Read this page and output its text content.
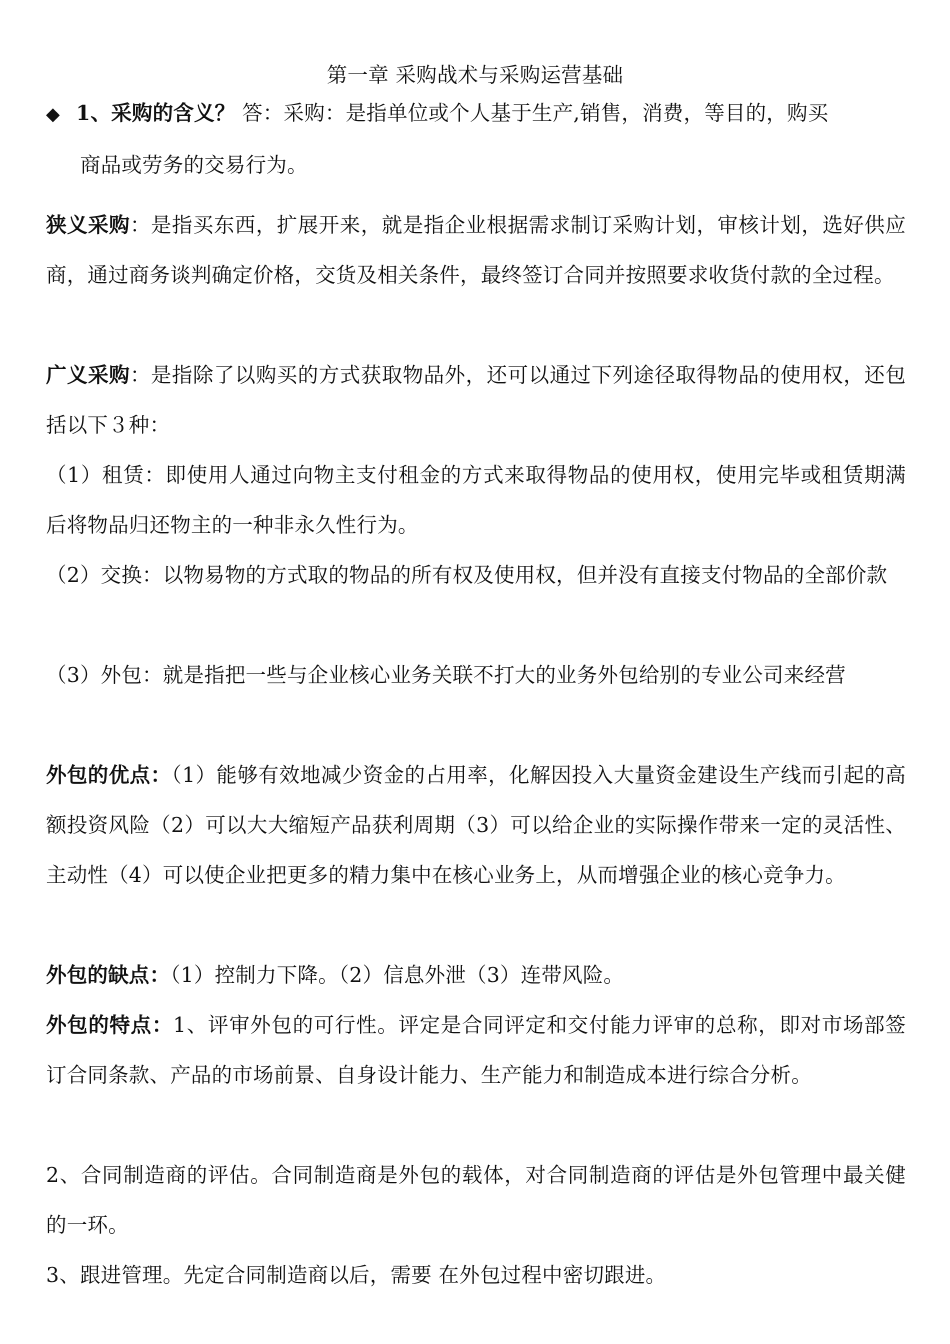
第一章 采购战术与采购运营基础
◆ 1、采购的含义？ 答：采购：是指单位或个人基于生产,销售，消费，等目的，购买
商品或劳务的交易行为。
狭义采购：是指买东西，扩展开来，就是指企业根据需求制订采购计划，审核计划，选好供应商，通过商务谈判确定价格，交货及相关条件，最终签订合同并按照要求收货付款的全过程。
广义采购：是指除了以购买的方式获取物品外，还可以通过下列途径取得物品的使用权，还包括以下３种：
（1）租赁：即使用人通过向物主支付租金的方式来取得物品的使用权，使用完毕或租赁期满后将物品归还物主的一种非永久性行为。
（2）交换：以物易物的方式取的物品的所有权及使用权，但并没有直接支付物品的全部价款
（3）外包：就是指把一些与企业核心业务关联不打大的业务外包给别的专业公司来经营
外包的优点：（1）能够有效地减少资金的占用率，化解因投入大量资金建设生产线而引起的高额投资风险（2）可以大大缩短产品获利周期（3）可以给企业的实际操作带来一定的灵活性、主动性（4）可以使企业把更多的精力集中在核心业务上，从而增强企业的核心竞争力。
外包的缺点：（1）控制力下降。（2）信息外泄（3）连带风险。
外包的特点：1、评审外包的可行性。评定是合同评定和交付能力评审的总称，即对市场部签订合同条款、产品的市场前景、自身设计能力、生产能力和制造成本进行综合分析。
2、合同制造商的评估。合同制造商是外包的载体，对合同制造商的评估是外包管理中最关健的一环。
3、跟进管理。先定合同制造商以后，需要 在外包过程中密切跟进。
